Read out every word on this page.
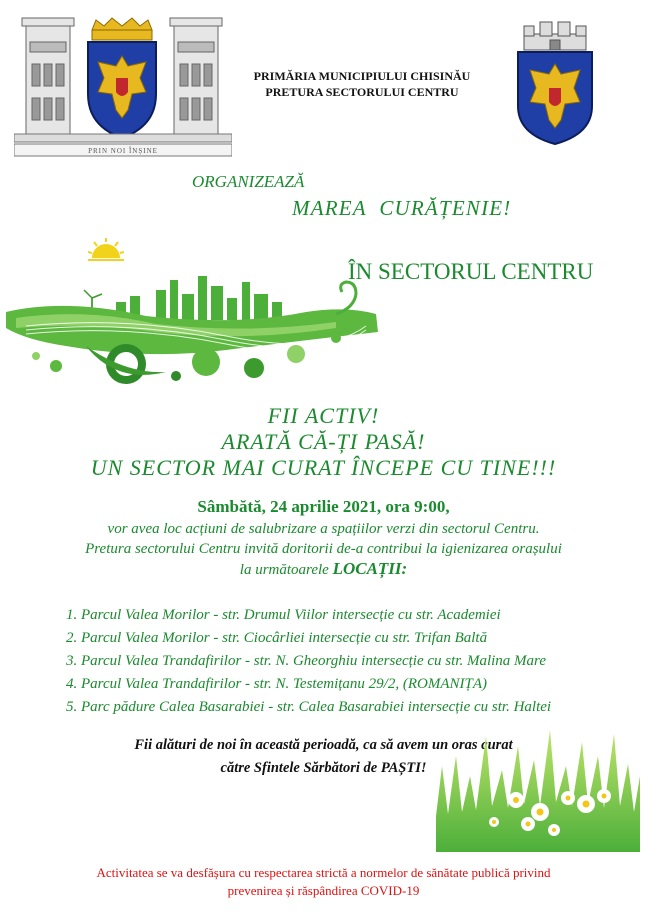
PRIN NOI ÎNȘINE
PRIMĂRIA MUNICIPIULUI CHISINĂU
PRETURA SECTORULUI CENTRU
ORGANIZEAZĂ
MAREA  CURĂȚENIE!
ÎN SECTORUL CENTRU
FII ACTIV!
ARATĂ CĂ-ȚI PASĂ!
UN SECTOR MAI CURAT ÎNCEPE CU TINE!!!
Sâmbătă, 24 aprilie 2021, ora 9:00,
vor avea loc acțiuni de salubrizare a spațiilor verzi din sectorul Centru.
Pretura sectorului Centru invită doritorii de-a contribui la igienizarea orașului
la următoarele LOCAȚII:
1. Parcul Valea Morilor - str. Drumul Viilor intersecție cu str. Academiei
2. Parcul Valea Morilor - str. Ciocârliei intersecție cu str. Trifan Baltă
3. Parcul Valea Trandafirilor - str. N. Gheorghiu intersecție cu str. Malina Mare
4. Parcul Valea Trandafirilor - str. N. Testemițanu 29/2, (ROMANIȚA)
5. Parc pădure Calea Basarabiei - str. Calea Basarabiei intersecție cu str. Haltei
Fii alături de noi în această perioadă, ca să avem un oras curat
către Sfintele Sărbători de PAȘTI!
Activitatea se va desfășura cu respectarea strictă a normelor de sănătate publică privind
prevenirea și răspândirea COVID-19
